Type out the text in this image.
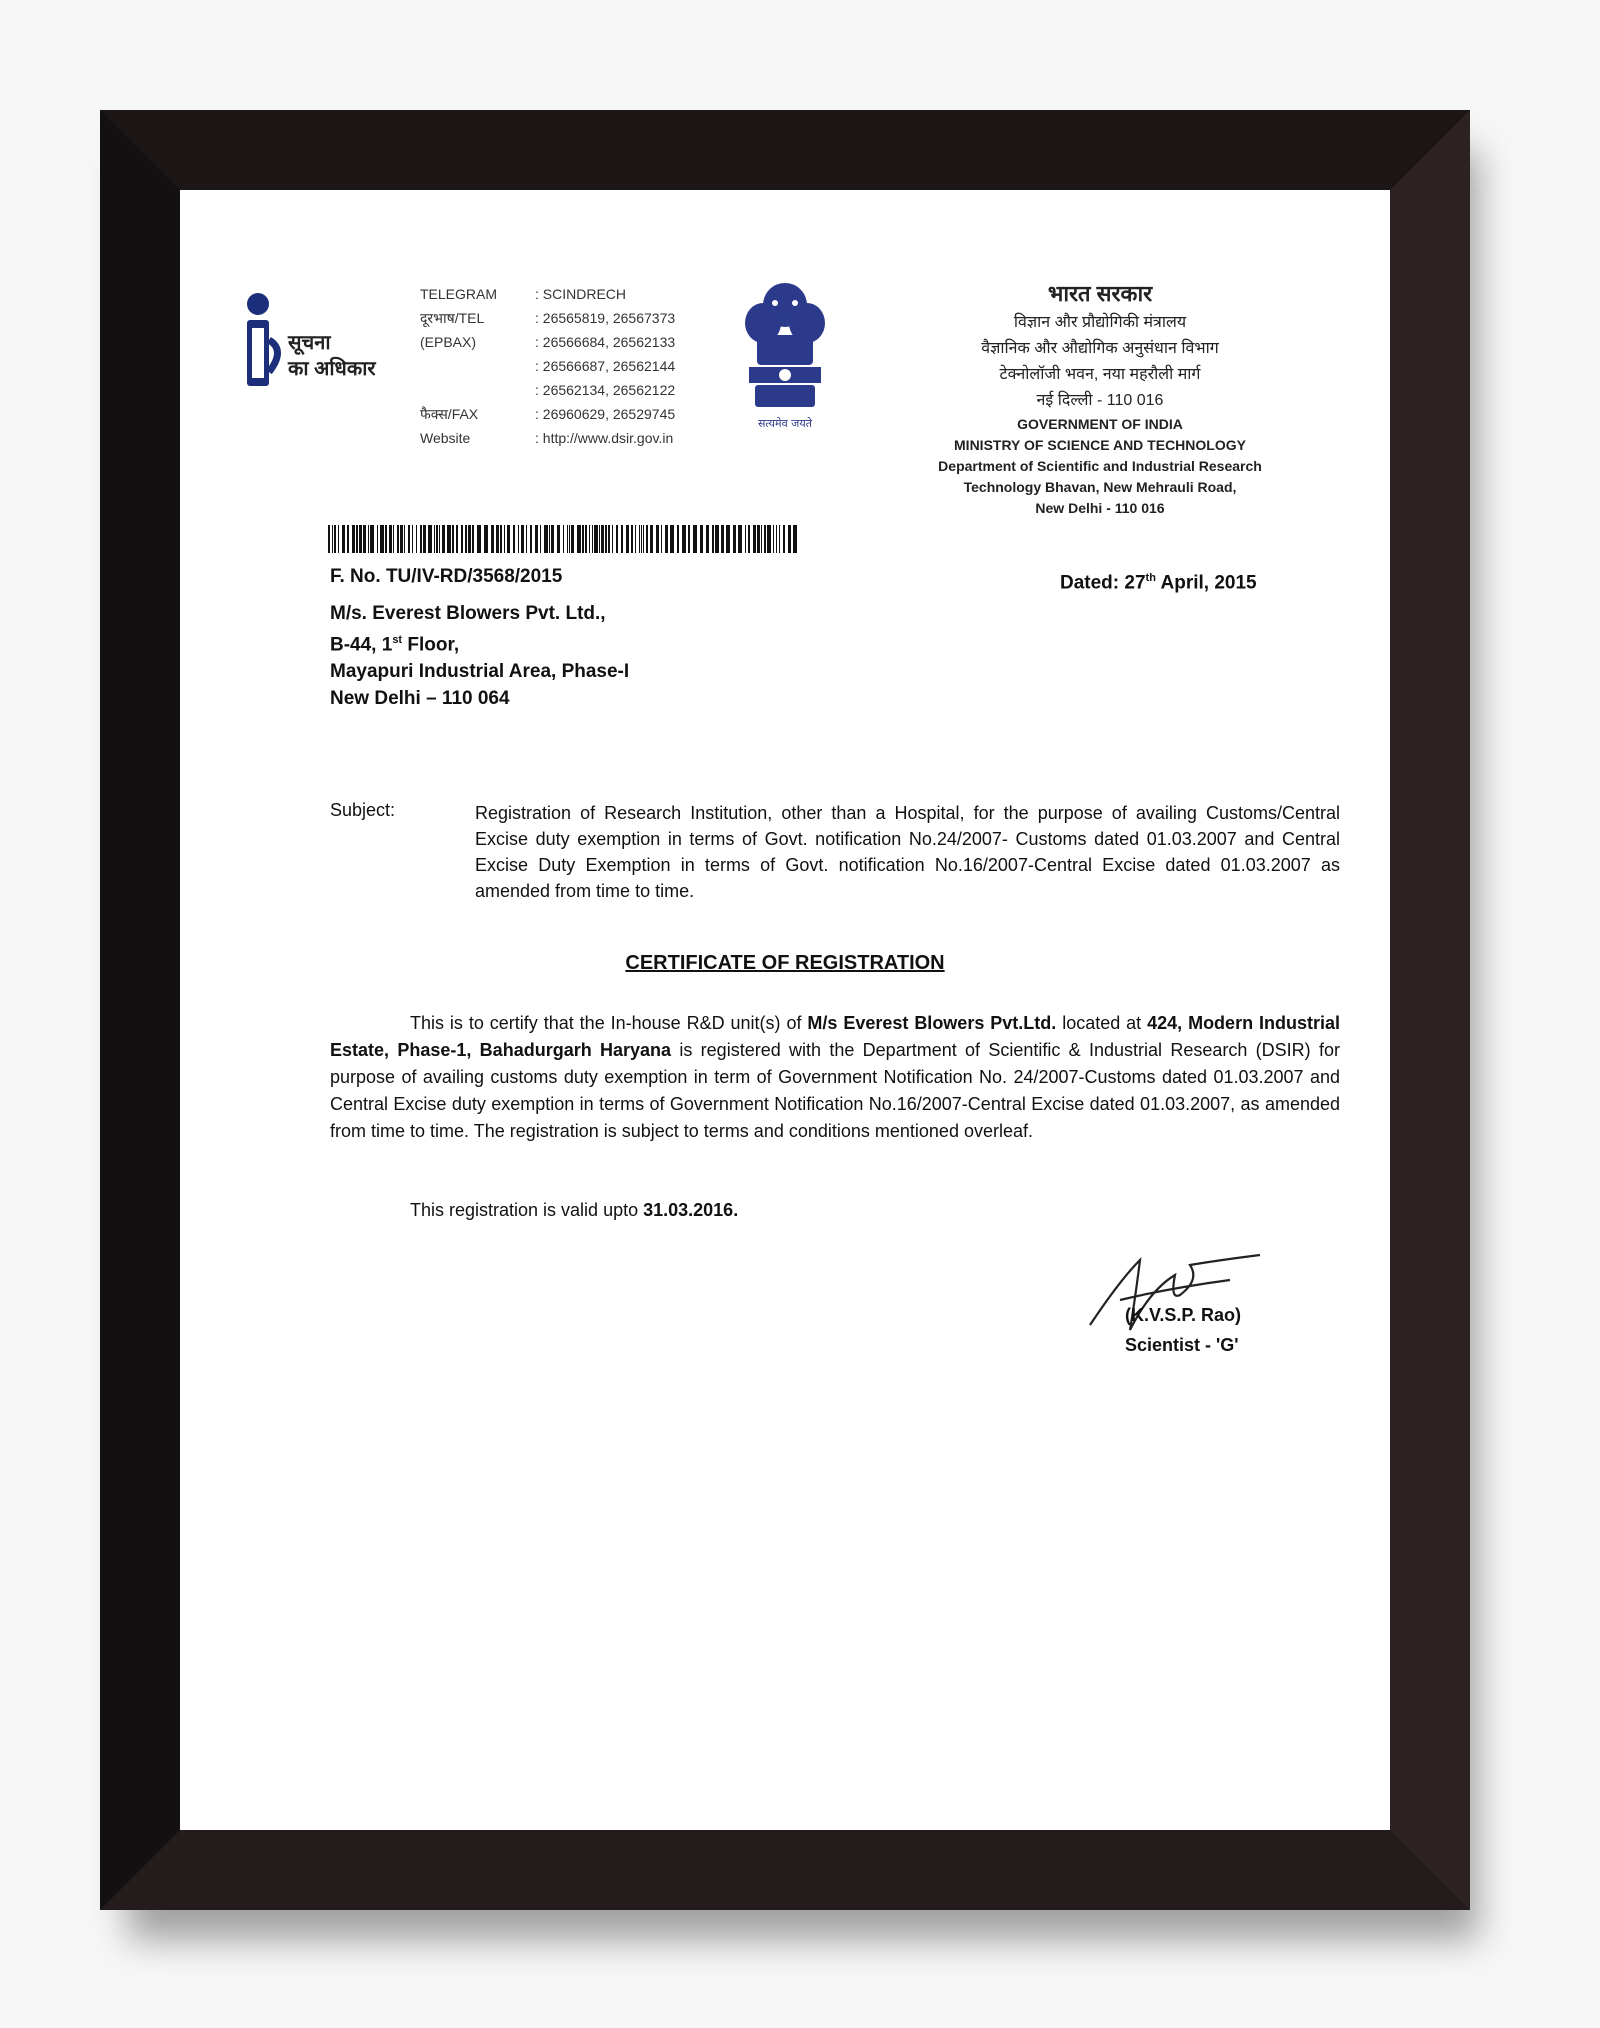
सूचना
का अधिकार
TELEGRAM	: SCINDRECH
दूरभाष/TEL	: 26565819, 26567373
(EPBAX)	: 26566684, 26562133
: 26566687, 26562144
: 26562134, 26562122
फैक्स/FAX	: 26960629, 26529745
Website	: http://www.dsir.gov.in
सत्यमेव जयते
भारत सरकार
विज्ञान और प्रौद्योगिकी मंत्रालय
वैज्ञानिक और औद्योगिक अनुसंधान विभाग
टेक्नोलॉजी भवन, नया महरौली मार्ग
नई दिल्ली - 110 016
GOVERNMENT OF INDIA
MINISTRY OF SCIENCE AND TECHNOLOGY
Department of Scientific and Industrial Research
Technology Bhavan, New Mehrauli Road,
New Delhi - 110 016
F. No. TU/IV-RD/3568/2015	Dated: 27th April, 2015
M/s. Everest Blowers Pvt. Ltd.,
B-44, 1st Floor,
Mayapuri Industrial Area, Phase-I
New Delhi – 110 064
Subject:	Registration of Research Institution, other than a Hospital, for the purpose of availing Customs/Central Excise duty exemption in terms of Govt. notification No.24/2007- Customs dated 01.03.2007 and Central Excise Duty Exemption in terms of Govt. notification No.16/2007-Central Excise dated 01.03.2007 as amended from time to time.
CERTIFICATE OF REGISTRATION
This is to certify that the In-house R&D unit(s) of M/s Everest Blowers Pvt.Ltd. located at 424, Modern Industrial Estate, Phase-1, Bahadurgarh Haryana is registered with the Department of Scientific & Industrial Research (DSIR) for purpose of availing customs duty exemption in term of Government Notification No. 24/2007-Customs dated 01.03.2007 and Central Excise duty exemption in terms of Government Notification No.16/2007-Central Excise dated 01.03.2007, as amended from time to time. The registration is subject to terms and conditions mentioned overleaf.
This registration is valid upto 31.03.2016.
(K.V.S.P. Rao)
Scientist - 'G'
